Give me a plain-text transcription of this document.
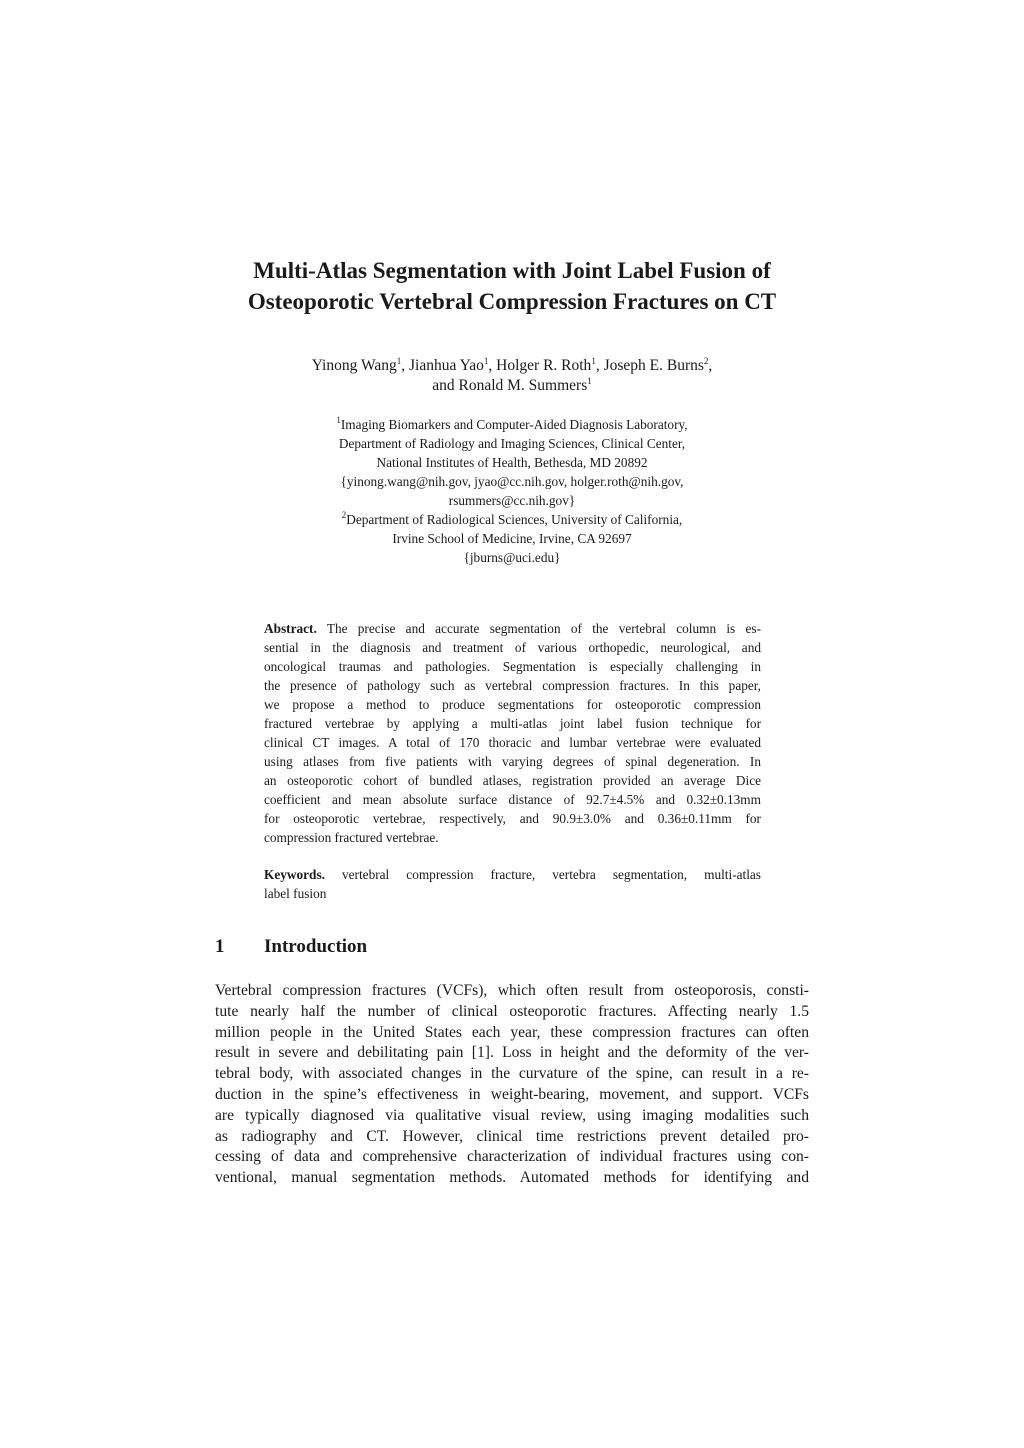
Multi-Atlas Segmentation with Joint Label Fusion of
Osteoporotic Vertebral Compression Fractures on CT
Yinong Wang$^1$, Jianhua Yao$^1$, Holger R. Roth$^1$, Joseph E. Burns$^2$,
and Ronald M. Summers$^1$
$^1$Imaging Biomarkers and Computer-Aided Diagnosis Laboratory,
Department of Radiology and Imaging Sciences, Clinical Center,
National Institutes of Health, Bethesda, MD 20892
{yinong.wang@nih.gov, jyao@cc.nih.gov, holger.roth@nih.gov,
rsummers@cc.nih.gov}
$^2$Department of Radiological Sciences, University of California,
Irvine School of Medicine, Irvine, CA 92697
{jburns@uci.edu}
Abstract. The precise and accurate segmentation of the vertebral column is es-
sential in the diagnosis and treatment of various orthopedic, neurological, and
oncological traumas and pathologies. Segmentation is especially challenging in
the presence of pathology such as vertebral compression fractures. In this paper,
we propose a method to produce segmentations for osteoporotic compression
fractured vertebrae by applying a multi-atlas joint label fusion technique for
clinical CT images. A total of 170 thoracic and lumbar vertebrae were evaluated
using atlases from five patients with varying degrees of spinal degeneration. In
an osteoporotic cohort of bundled atlases, registration provided an average Dice
coefficient and mean absolute surface distance of 92.7±4.5% and 0.32±0.13mm
for osteoporotic vertebrae, respectively, and 90.9±3.0% and 0.36±0.11mm for
compression fractured vertebrae.
Keywords. vertebral compression fracture, vertebra segmentation, multi-atlas
label fusion
1 Introduction
Vertebral compression fractures (VCFs), which often result from osteoporosis, consti-
tute nearly half the number of clinical osteoporotic fractures. Affecting nearly 1.5
million people in the United States each year, these compression fractures can often
result in severe and debilitating pain [1]. Loss in height and the deformity of the ver-
tebral body, with associated changes in the curvature of the spine, can result in a re-
duction in the spine’s effectiveness in weight-bearing, movement, and support. VCFs
are typically diagnosed via qualitative visual review, using imaging modalities such
as radiography and CT. However, clinical time restrictions prevent detailed pro-
cessing of data and comprehensive characterization of individual fractures using con-
ventional, manual segmentation methods. Automated methods for identifying and
